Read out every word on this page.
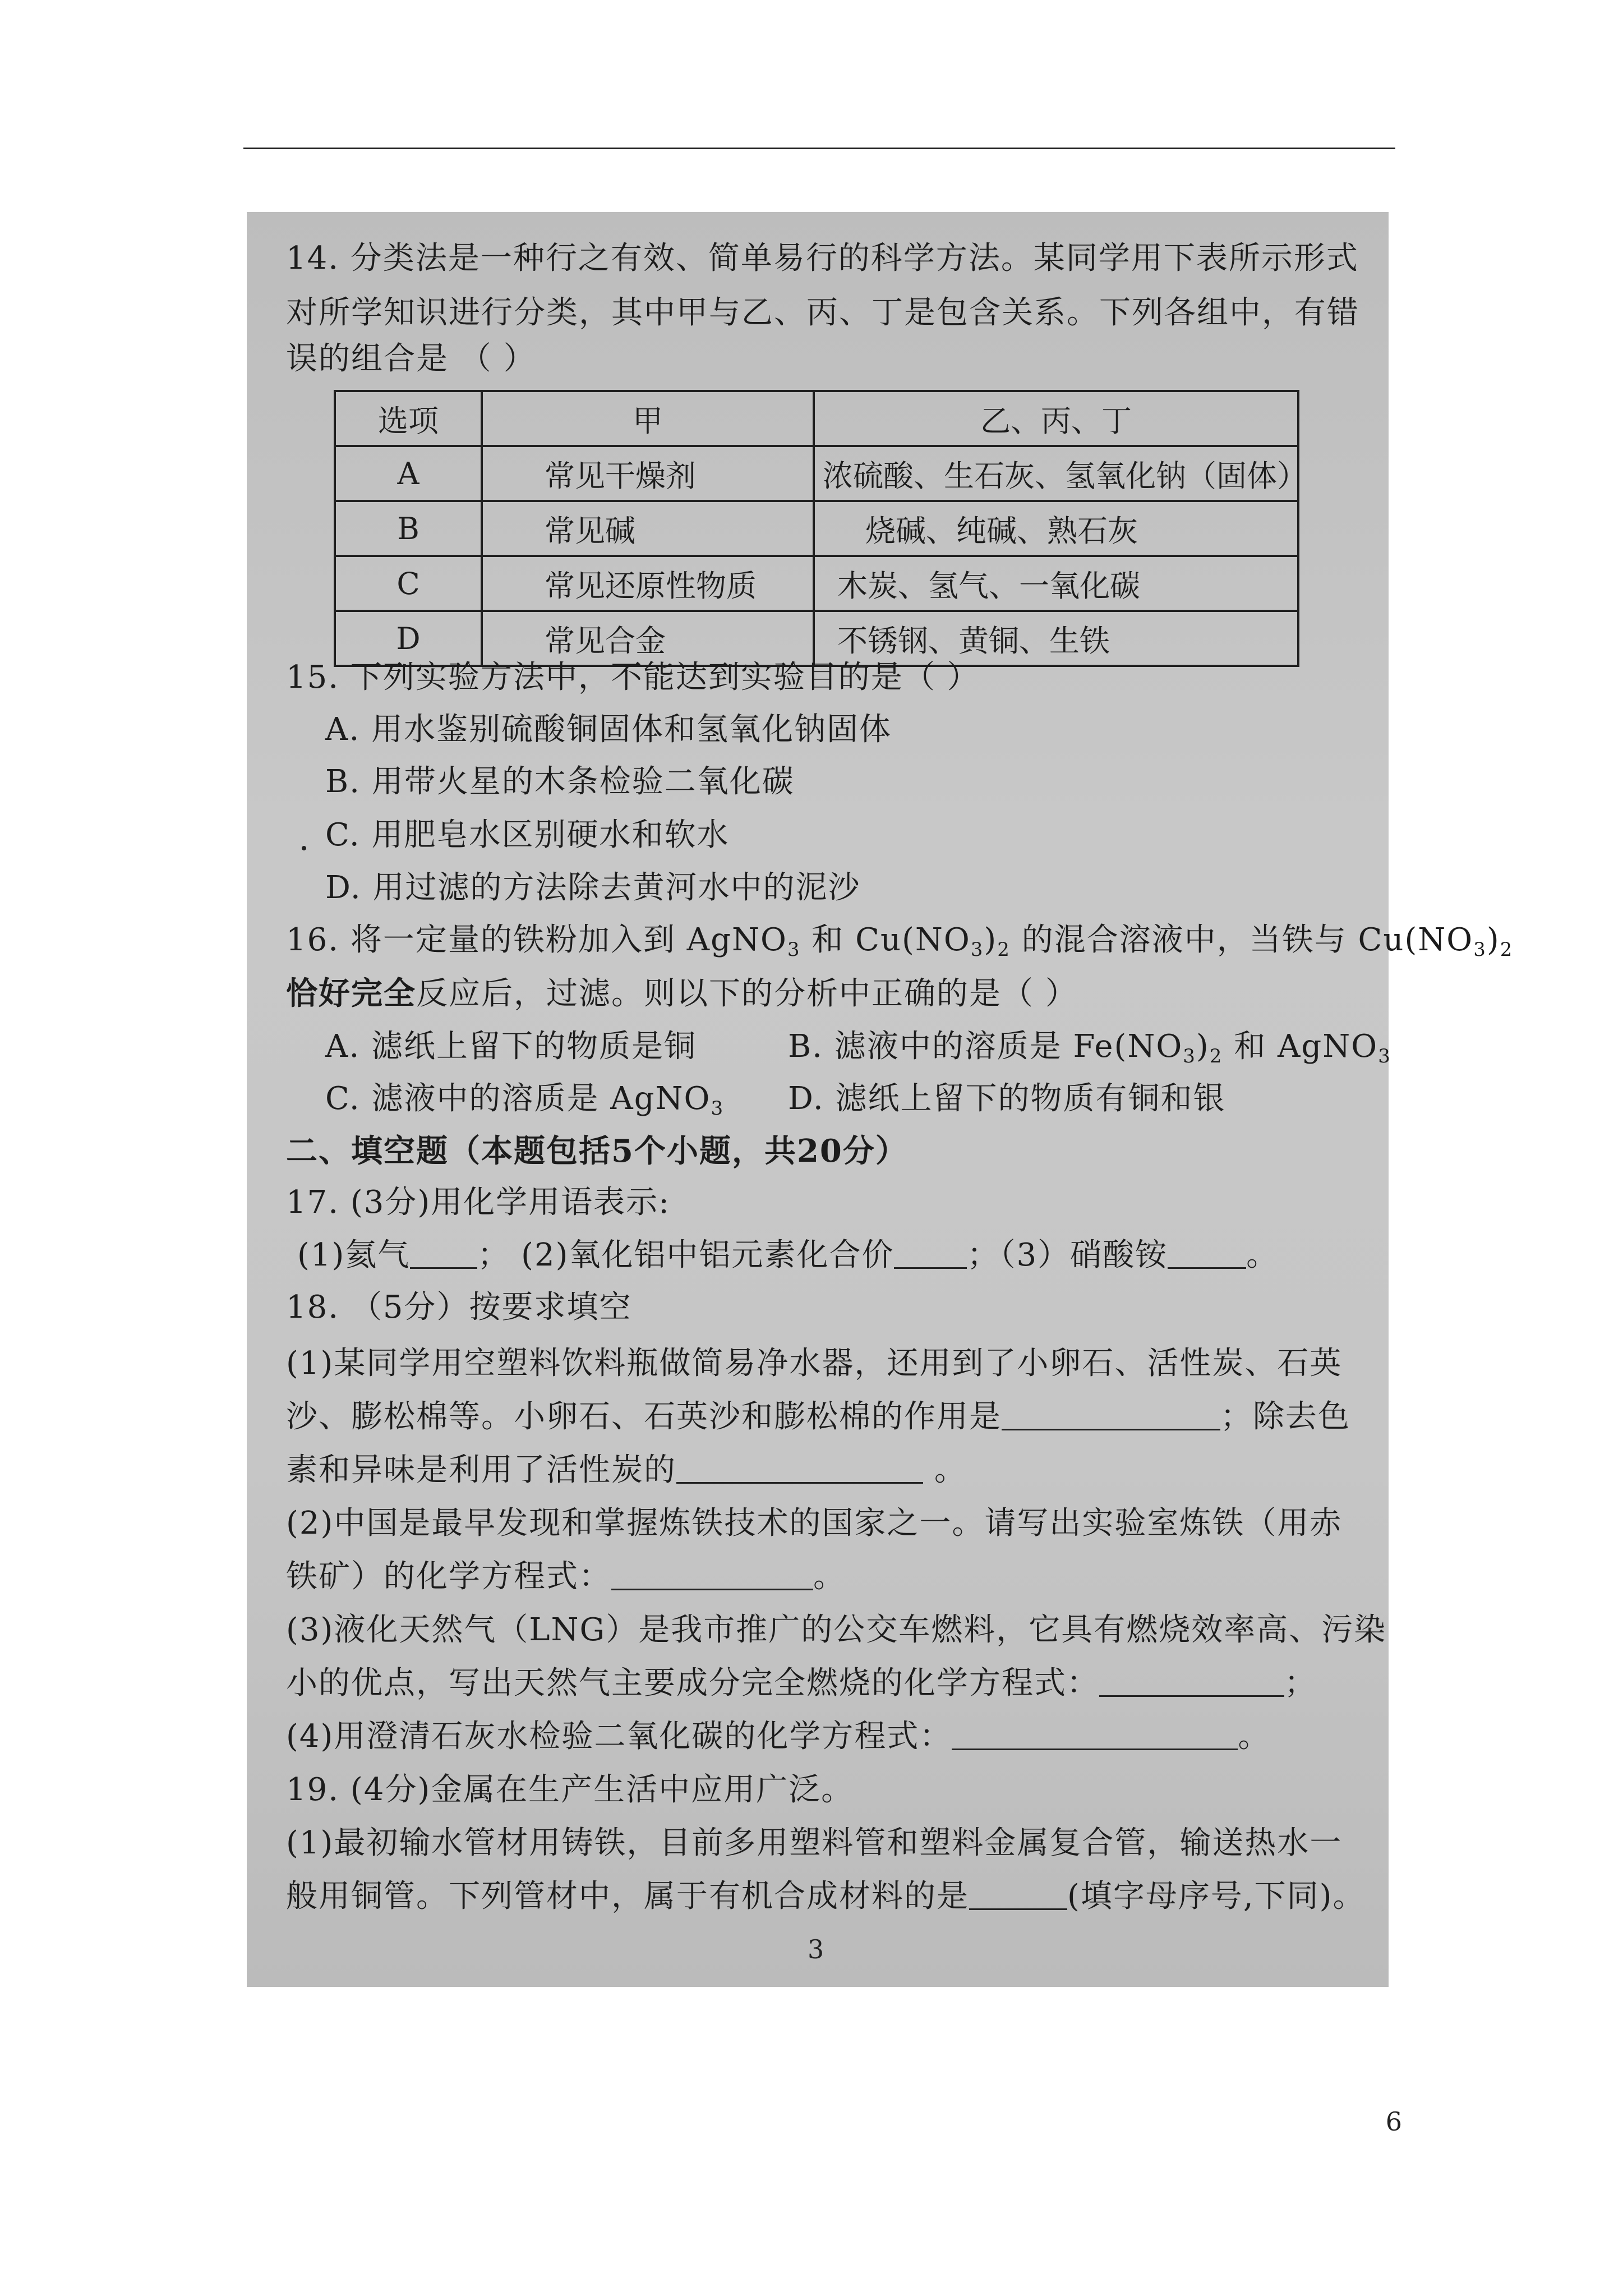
14. 分类法是一种行之有效、简单易行的科学方法。某同学用下表所示形式
对所学知识进行分类，其中甲与乙、丙、丁是包含关系。下列各组中，有错
误的组合是 （ ）
选项	甲	乙、丙、丁
A	常见干燥剂	浓硫酸、生石灰、氢氧化钠（固体）
B	常见碱	烧碱、纯碱、熟石灰
C	常见还原性物质	木炭、氢气、一氧化碳
D	常见合金	不锈钢、黄铜、生铁
15. 下列实验方法中，不能达到实验目的是（ ）
A. 用水鉴别硫酸铜固体和氢氧化钠固体
B. 用带火星的木条检验二氧化碳
C. 用肥皂水区别硬水和软水
D. 用过滤的方法除去黄河水中的泥沙
16. 将一定量的铁粉加入到 AgNO$_3$ 和 $Cu(NO_3)_2$ 的混合溶液中，当铁与 $Cu(NO_3)_2$
恰好完全反应后，过滤。则以下的分析中正确的是（ ）
A. 滤纸上留下的物质是铜	B. 滤液中的溶质是 $Fe(NO_3)_2$ 和 AgNO$_3$
C. 滤液中的溶质是 AgNO$_3$ D. 滤纸上留下的物质有铜和银
二、填空题（本题包括5个小题，共20分）
17. (3分)用化学用语表示:
(1)氦气 ； (2)氧化铝中铝元素化合价 ；（3）硝酸铵	。
18. （5分）按要求填空
(1)某同学用空塑料饮料瓶做简易净水器，还用到了小卵石、活性炭、石英
沙、膨松棉等。小卵石、石英沙和膨松棉的作用是	；除去色
素和异味是利用了活性炭的	。
(2)中国是最早发现和掌握炼铁技术的国家之一。请写出实验室炼铁（用赤
铁矿）的化学方程式：	。
(3)液化天然气（LNG）是我市推广的公交车燃料，它具有燃烧效率高、污染
小的优点，写出天然气主要成分完全燃烧的化学方程式：	；
(4)用澄清石灰水检验二氧化碳的化学方程式：	。
19. (4分)金属在生产生活中应用广泛。
(1)最初输水管材用铸铁，目前多用塑料管和塑料金属复合管，输送热水一
般用铜管。下列管材中，属于有机合成材料的是	(填字母序号,下同)。
3
6
